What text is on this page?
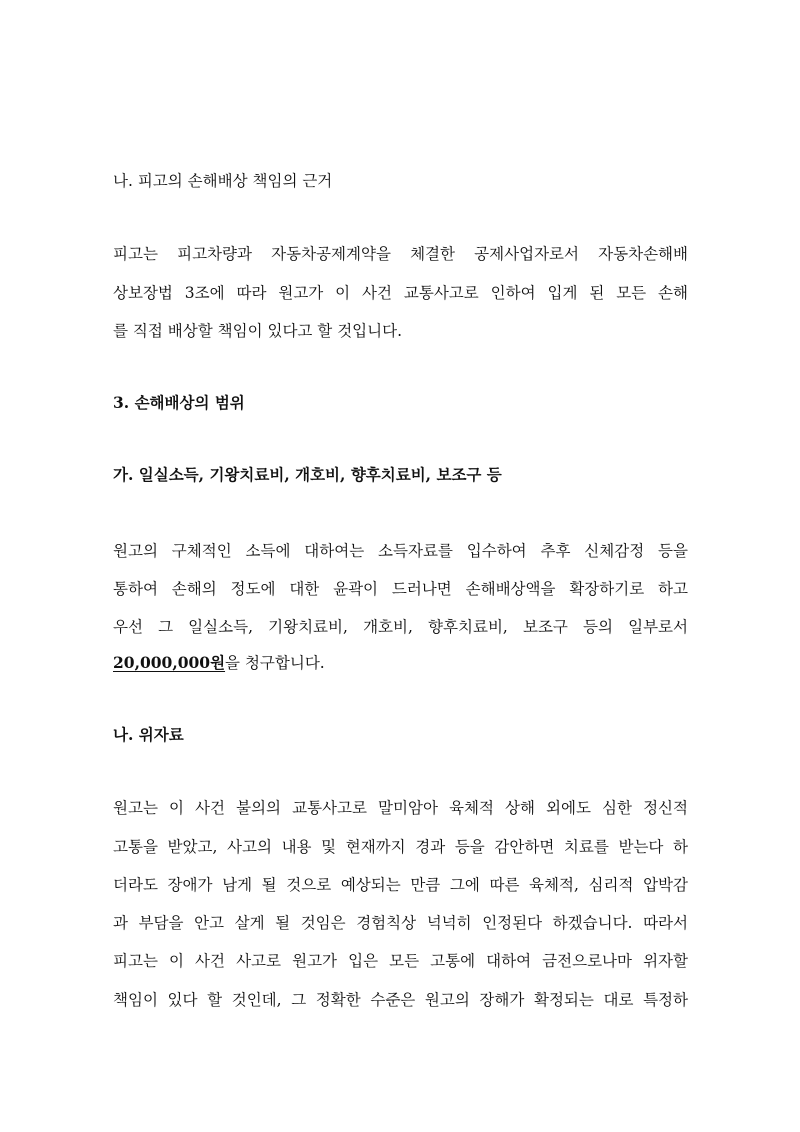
나. 피고의 손해배상 책임의 근거
피고는 피고차량과 자동차공제계약을 체결한 공제사업자로서 자동차손해배
상보장법 3조에 따라 원고가 이 사건 교통사고로 인하여 입게 된 모든 손해
를 직접 배상할 책임이 있다고 할 것입니다.
3. 손해배상의 범위
가. 일실소득, 기왕치료비, 개호비, 향후치료비, 보조구 등
원고의 구체적인 소득에 대하여는 소득자료를 입수하여 추후 신체감정 등을
통하여 손해의 정도에 대한 윤곽이 드러나면 손해배상액을 확장하기로 하고
우선 그 일실소득, 기왕치료비, 개호비, 향후치료비, 보조구 등의 일부로서
20,000,000원을 청구합니다.
나. 위자료
원고는 이 사건 불의의 교통사고로 말미암아 육체적 상해 외에도 심한 정신적
고통을 받았고, 사고의 내용 및 현재까지 경과 등을 감안하면 치료를 받는다 하
더라도 장애가 남게 될 것으로 예상되는 만큼 그에 따른 육체적, 심리적 압박감
과 부담을 안고 살게 될 것임은 경험칙상 넉넉히 인정된다 하겠습니다. 따라서
피고는 이 사건 사고로 원고가 입은 모든 고통에 대하여 금전으로나마 위자할
책임이 있다 할 것인데, 그 정확한 수준은 원고의 장해가 확정되는 대로 특정하
